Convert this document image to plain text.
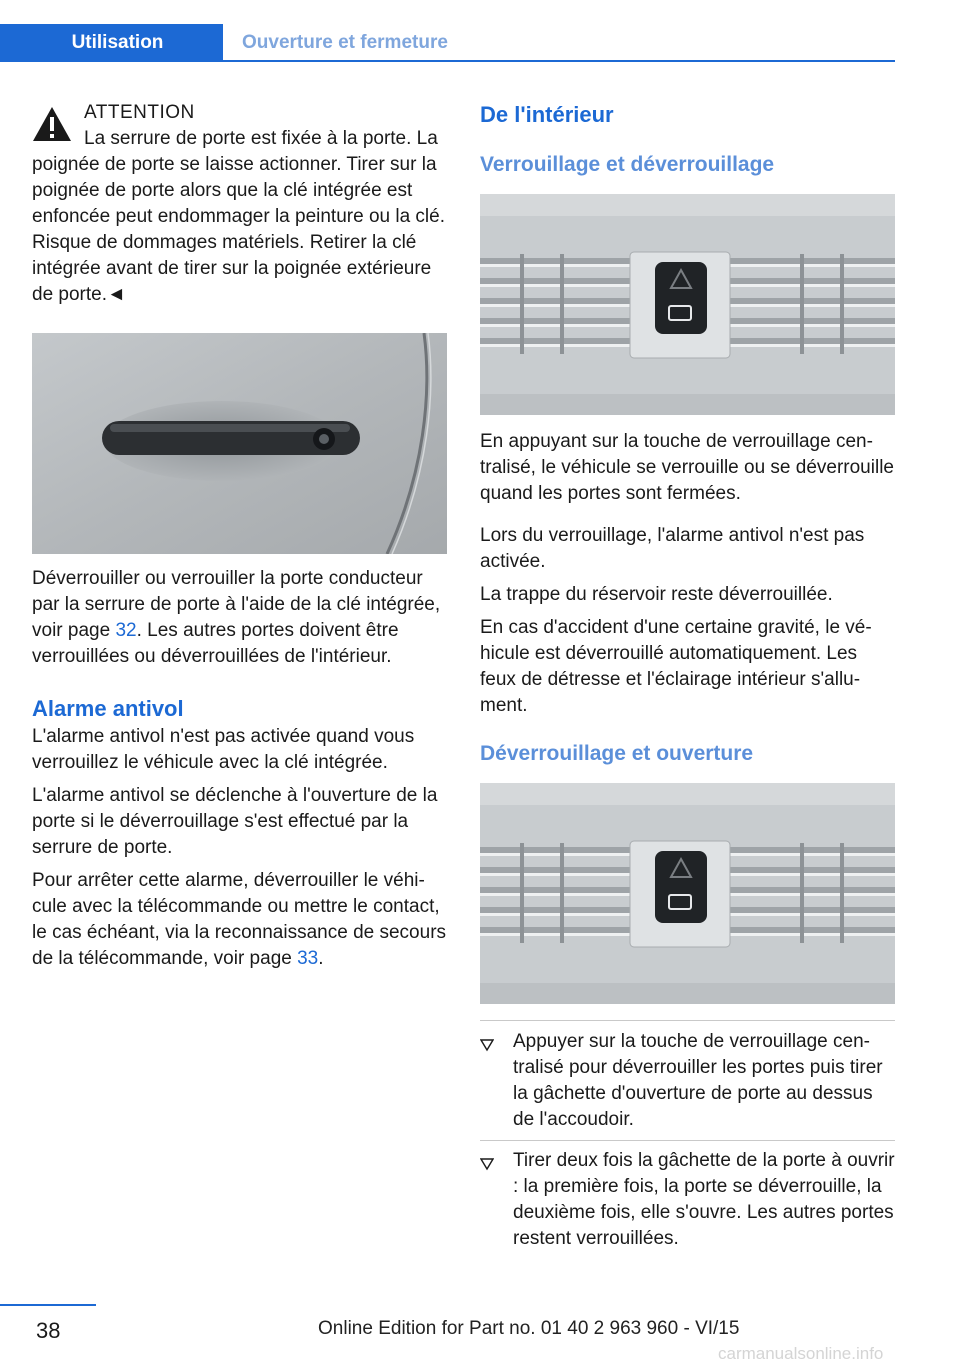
Utilisation	Ouverture et fermeture

ATTENTION

La serrure de porte est fixée à la porte. La

poignée de porte se laisse actionner. Tirer sur la poignée de porte alors que la clé intégrée est enfoncée peut endommager la peinture ou la clé. Risque de dommages matériels. Retirer la clé intégrée avant de tirer sur la poignée extérieure de porte.◄

Déverrouiller ou verrouiller la porte conducteur par la serrure de porte à l'aide de la clé intégrée, voir page 32. Les autres portes doivent être verrouillées ou déverrouillées de l'intérieur.

Alarme antivol

L'alarme antivol n'est pas activée quand vous verrouillez le véhicule avec la clé intégrée.

L'alarme antivol se déclenche à l'ouverture de la porte si le déverrouillage s'est effectué par la serrure de porte.

Pour arrêter cette alarme, déverrouiller le véhicule avec la télécommande ou mettre le contact, le cas échéant, via la reconnaissance de secours de la télécommande, voir page 33.

De l'intérieur
Verrouillage et déverrouillage

En appuyant sur la touche de verrouillage centralisé, le véhicule se verrouille ou se déverrouille quand les portes sont fermées.

Lors du verrouillage, l'alarme antivol n'est pas activée.

La trappe du réservoir reste déverrouillée.

En cas d'accident d'une certaine gravité, le véhicule est déverrouillé automatiquement. Les feux de détresse et l'éclairage intérieur s'allument.

Déverrouillage et ouverture
Appuyer sur la touche de verrouillage centralisé pour déverrouiller les portes puis tirer la gâchette d'ouverture de porte au dessus de l'accoudoir.
Tirer deux fois la gâchette de la porte à ouvrir : la première fois, la porte se déverrouille, la deuxième fois, elle s'ouvre. Les autres portes restent verrouillées.
38	Online Edition for Part no. 01 40 2 963 960 - VI/15
carmanualsonline.info
